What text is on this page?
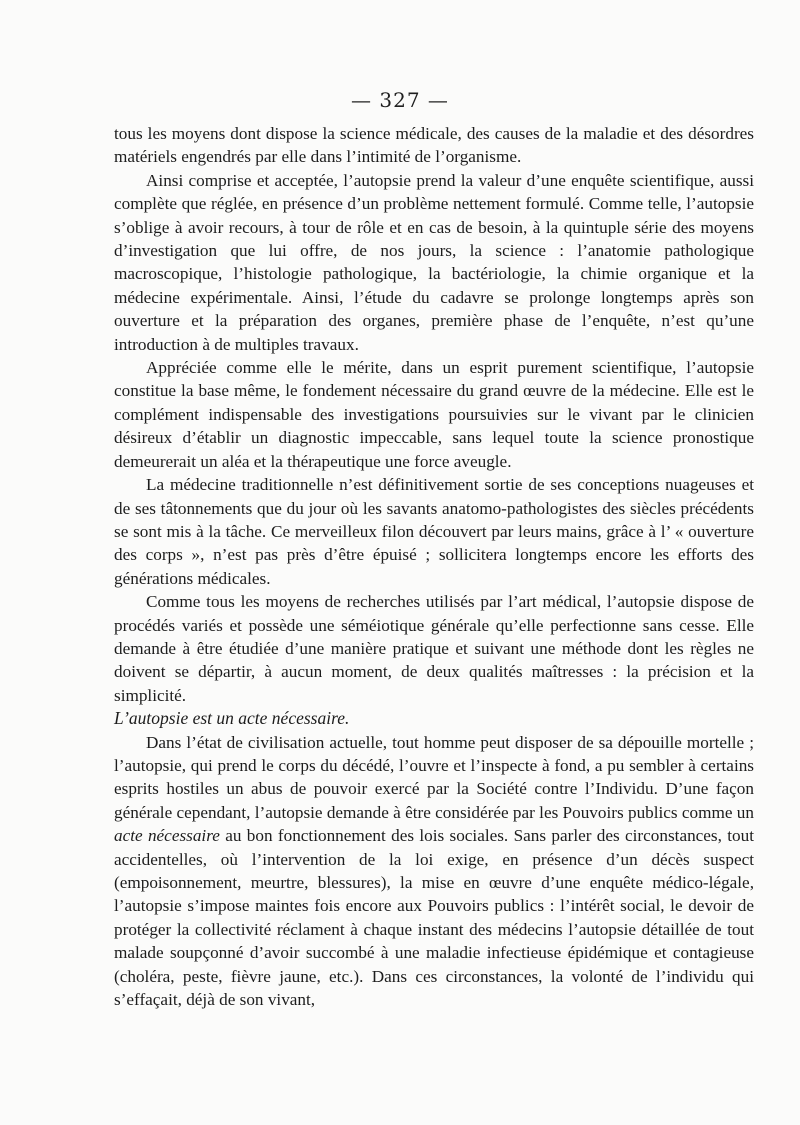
— 327 —

tous les moyens dont dispose la science médicale, des causes de la maladie et des désordres matériels engendrés par elle dans l’intimité de l’organisme.

Ainsi comprise et acceptée, l’autopsie prend la valeur d’une enquête scientifique, aussi complète que réglée, en présence d’un problème nettement formulé. Comme telle, l’autopsie s’oblige à avoir recours, à tour de rôle et en cas de besoin, à la quintuple série des moyens d’investigation que lui offre, de nos jours, la science : l’anatomie pathologique macroscopique, l’histologie pathologique, la bactériologie, la chimie organique et la médecine expérimentale. Ainsi, l’étude du cadavre se prolonge longtemps après son ouverture et la préparation des organes, première phase de l’enquête, n’est qu’une introduction à de multiples travaux.

Appréciée comme elle le mérite, dans un esprit purement scientifique, l’autopsie constitue la base même, le fondement nécessaire du grand œuvre de la médecine. Elle est le complément indispensable des investigations poursuivies sur le vivant par le clinicien désireux d’établir un diagnostic impeccable, sans lequel toute la science pronostique demeurerait un aléa et la thérapeutique une force aveugle.

La médecine traditionnelle n’est définitivement sortie de ses conceptions nuageuses et de ses tâtonnements que du jour où les savants anatomo-pathologistes des siècles précédents se sont mis à la tâche. Ce merveilleux filon découvert par leurs mains, grâce à l’ « ouverture des corps », n’est pas près d’être épuisé ; sollicitera longtemps encore les efforts des générations médicales.

Comme tous les moyens de recherches utilisés par l’art médical, l’autopsie dispose de procédés variés et possède une séméiotique générale qu’elle perfectionne sans cesse. Elle demande à être étudiée d’une manière pratique et suivant une méthode dont les règles ne doivent se départir, à aucun moment, de deux qualités maîtresses : la précision et la simplicité.

L’autopsie est un acte nécessaire.

Dans l’état de civilisation actuelle, tout homme peut disposer de sa dépouille mortelle ; l’autopsie, qui prend le corps du décédé, l’ouvre et l’inspecte à fond, a pu sembler à certains esprits hostiles un abus de pouvoir exercé par la Société contre l’Individu. D’une façon générale cependant, l’autopsie demande à être considérée par les Pouvoirs publics comme un acte nécessaire au bon fonctionnement des lois sociales. Sans parler des circonstances, tout accidentelles, où l’intervention de la loi exige, en présence d’un décès suspect (empoisonnement, meurtre, blessures), la mise en œuvre d’une enquête médico-légale, l’autopsie s’impose maintes fois encore aux Pouvoirs publics : l’intérêt social, le devoir de protéger la collectivité réclament à chaque instant des médecins l’autopsie détaillée de tout malade soupçonné d’avoir succombé à une maladie infectieuse épidémique et contagieuse (choléra, peste, fièvre jaune, etc.). Dans ces circonstances, la volonté de l’individu qui s’effaçait, déjà de son vivant,
